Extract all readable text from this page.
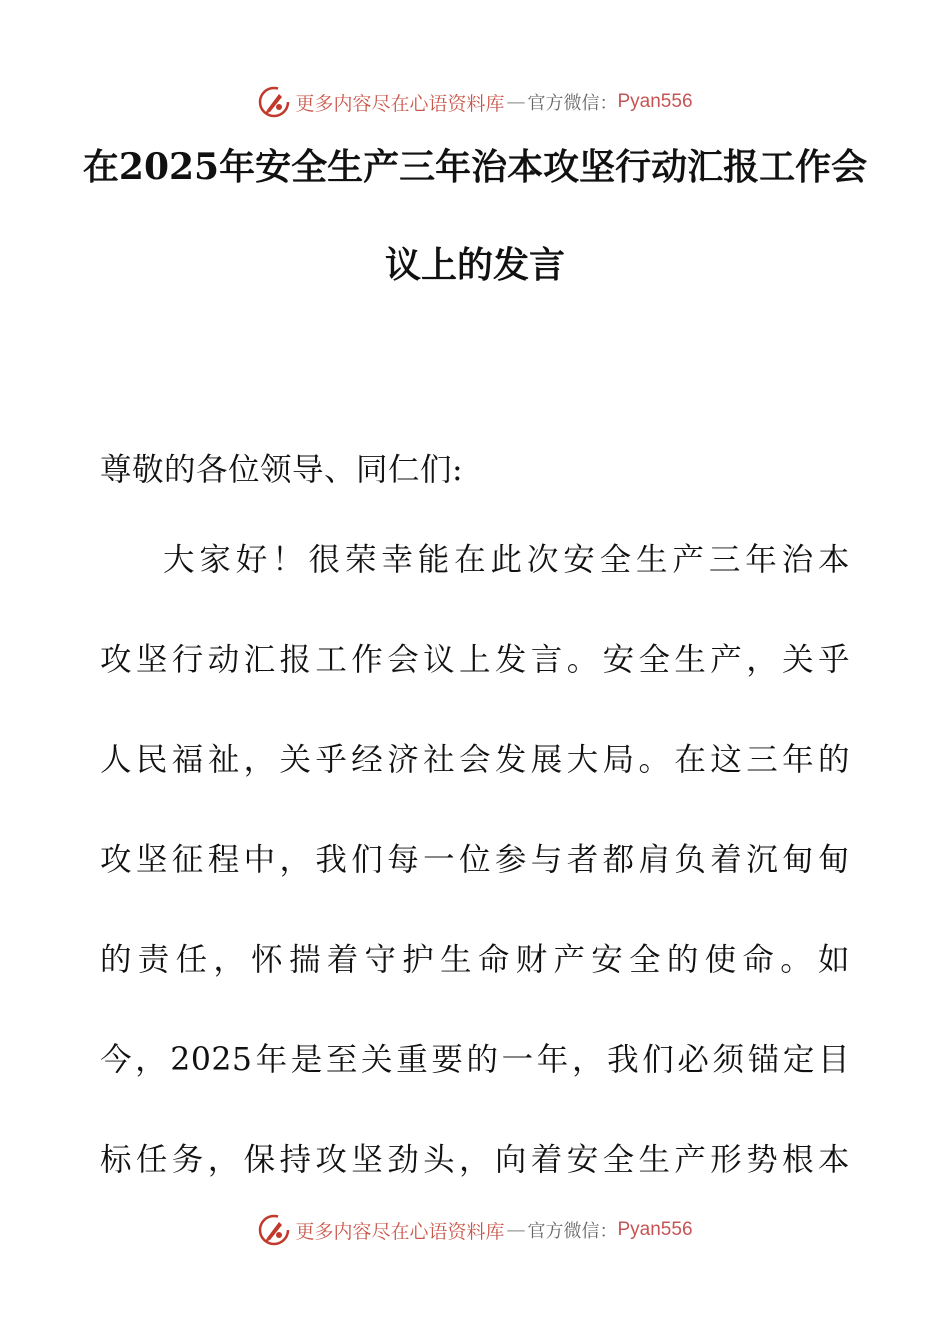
更多内容尽在心语资料库 — 官方微信： Pyan556
在2025年安全生产三年治本攻坚行动汇报工作会
议上的发言
尊敬的各位领导、同仁们:
大家好！很荣幸能在此次安全生产三年治本
攻坚行动汇报工作会议上发言。安全生产，关乎
人民福祉，关乎经济社会发展大局。在这三年的
攻坚征程中，我们每一位参与者都肩负着沉甸甸
的责任，怀揣着守护生命财产安全的使命。如
今，2025年是至关重要的一年，我们必须锚定目
标任务，保持攻坚劲头，向着安全生产形势根本
更多内容尽在心语资料库 — 官方微信： Pyan556
